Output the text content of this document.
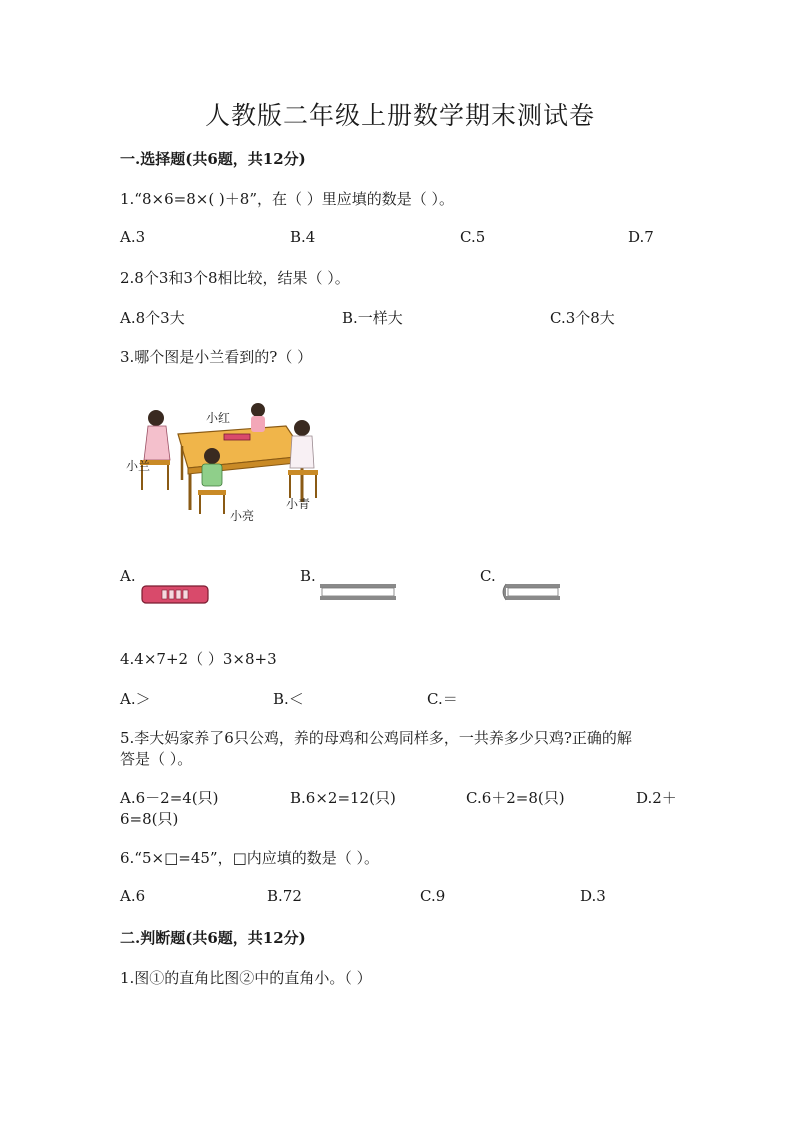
人教版二年级上册数学期末测试卷
一.选择题(共6题，共12分)
1.“8×6=8×( )＋8”，在（ ）里应填的数是（ ）。
A.3	B.4	C.5	D.7
2.8个3和3个8相比较，结果（ ）。
A.8个3大	B.一样大	C.3个8大
3.哪个图是小兰看到的?（ ）
小红
小兰
小亮
小青
A.	B.	C.
4.4×7+2（ ）3×8+3
A.＞	B.＜	C.＝
5.李大妈家养了6只公鸡，养的母鸡和公鸡同样多，一共养多少只鸡?正确的解
答是（ ）。
A.6－2=4(只)	B.6×2=12(只)	C.6＋2=8(只)	D.2＋
6=8(只)
6.“5×□=45”，□内应填的数是（ ）。
A.6	B.72	C.9	D.3
二.判断题(共6题，共12分)
1.图①的直角比图②中的直角小。（ ）
